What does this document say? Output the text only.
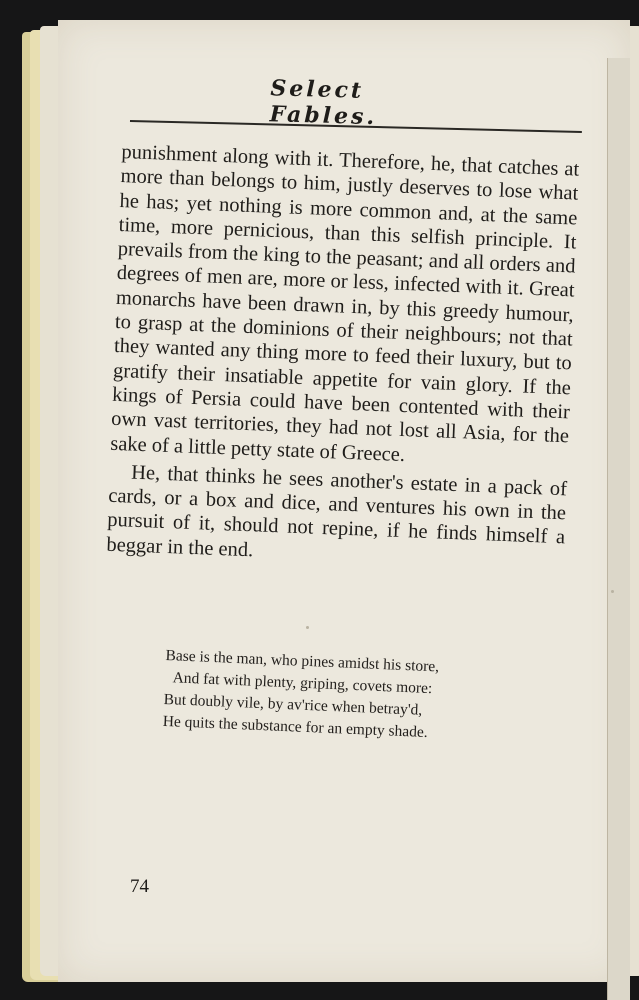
Select Fables.

punishment along with it. Therefore, he, that catches at more than belongs to him, justly deserves to lose what he has; yet nothing is more common and, at the same time, more pernicious, than this selfish principle. It prevails from the king to the peasant; and all orders and degrees of men are, more or less, infected with it. Great monarchs have been drawn in, by this greedy humour, to grasp at the dominions of their neighbours; not that they wanted any thing more to feed their luxury, but to gratify their insatiable appetite for vain glory. If the kings of Persia could have been contented with their own vast territories, they had not lost all Asia, for the sake of a little petty state of Greece.

He, that thinks he sees another's estate in a pack of cards, or a box and dice, and ventures his own in the pursuit of it, should not repine, if he finds himself a beggar in the end.

Base is the man, who pines amidst his store,

And fat with plenty, griping, covets more:

But doubly vile, by av'rice when betray'd,

He quits the substance for an empty shade.

74
